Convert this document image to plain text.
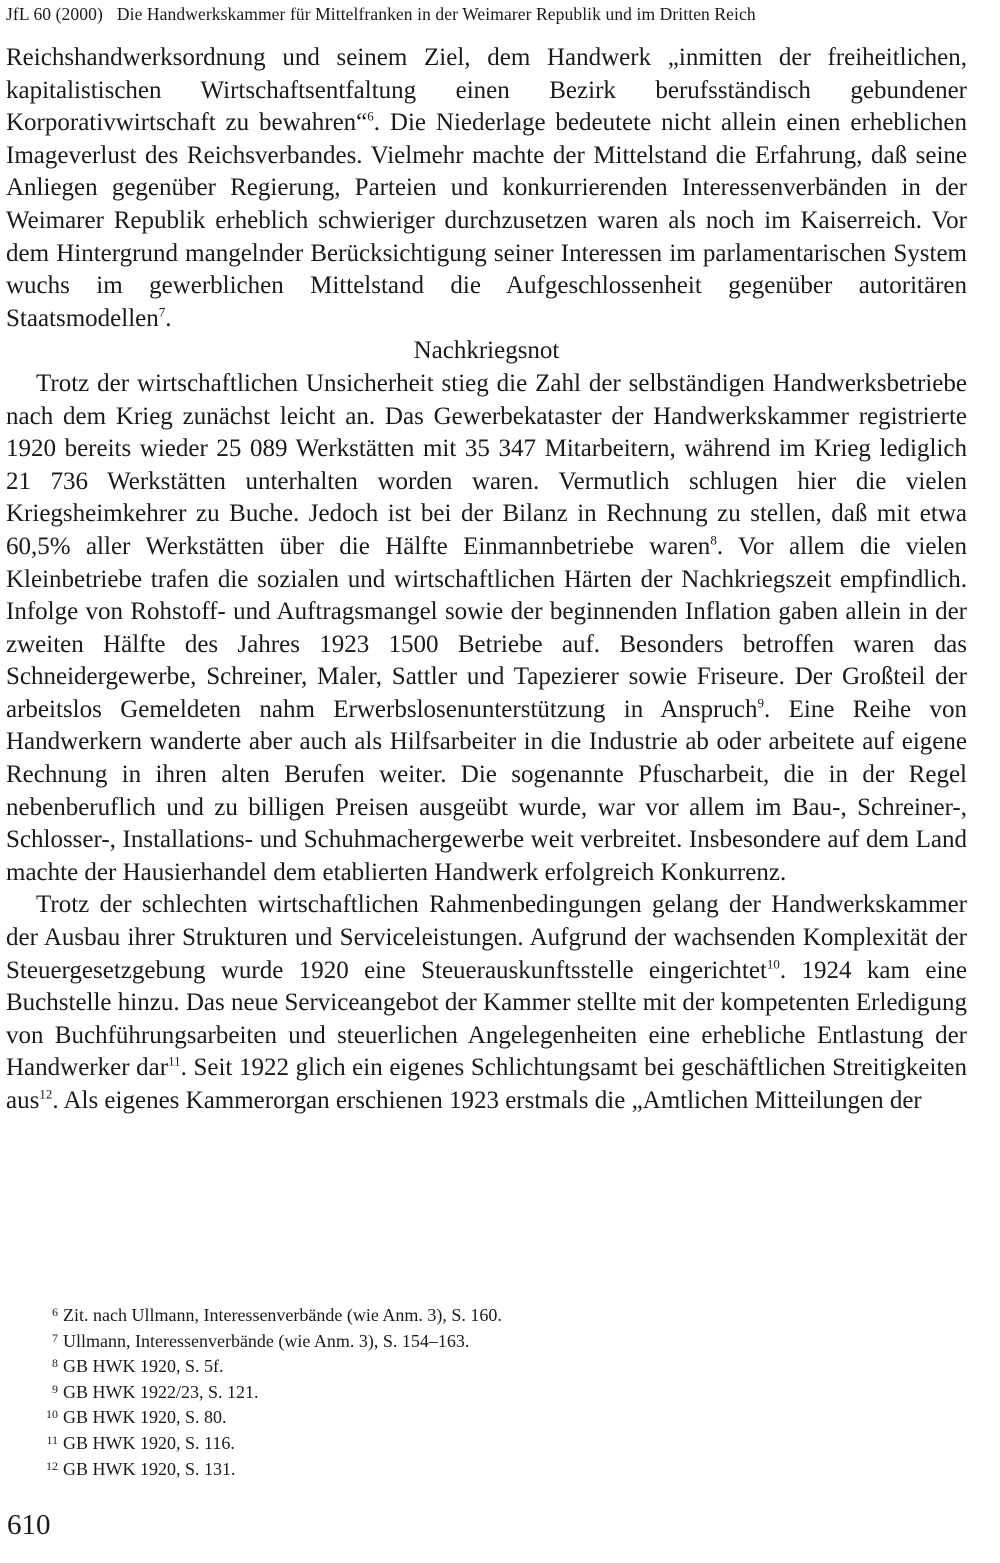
JfL 60 (2000) Die Handwerkskammer für Mittelfranken in der Weimarer Republik und im Dritten Reich

Reichshandwerksordnung und seinem Ziel, dem Handwerk „inmitten der freiheitlichen, kapitalistischen Wirtschaftsentfaltung einen Bezirk berufsständisch gebundener Korporativwirtschaft zu bewahren“$^6$. Die Niederlage bedeutete nicht allein einen erheblichen Imageverlust des Reichsverbandes. Vielmehr machte der Mittelstand die Erfahrung, daß seine Anliegen gegenüber Regierung, Parteien und konkurrierenden Interessenverbänden in der Weimarer Republik erheblich schwieriger durchzusetzen waren als noch im Kaiserreich. Vor dem Hintergrund mangelnder Berücksichtigung seiner Interessen im parlamentarischen System wuchs im gewerblichen Mittelstand die Aufgeschlossenheit gegenüber autoritären Staatsmodellen$^7$.

Nachkriegsnot

Trotz der wirtschaftlichen Unsicherheit stieg die Zahl der selbständigen Handwerksbetriebe nach dem Krieg zunächst leicht an. Das Gewerbekataster der Handwerkskammer registrierte 1920 bereits wieder 25 089 Werkstätten mit 35 347 Mitarbeitern, während im Krieg lediglich 21 736 Werkstätten unterhalten worden waren. Vermutlich schlugen hier die vielen Kriegsheimkehrer zu Buche. Jedoch ist bei der Bilanz in Rechnung zu stellen, daß mit etwa 60,5% aller Werkstätten über die Hälfte Einmannbetriebe waren$^8$. Vor allem die vielen Kleinbetriebe trafen die sozialen und wirtschaftlichen Härten der Nachkriegszeit empfindlich. Infolge von Rohstoff- und Auftragsmangel sowie der beginnenden Inflation gaben allein in der zweiten Hälfte des Jahres 1923 1500 Betriebe auf. Besonders betroffen waren das Schneidergewerbe, Schreiner, Maler, Sattler und Tapezierer sowie Friseure. Der Großteil der arbeitslos Gemeldeten nahm Erwerbslosenunterstützung in Anspruch$^9$. Eine Reihe von Handwerkern wanderte aber auch als Hilfsarbeiter in die Industrie ab oder arbeitete auf eigene Rechnung in ihren alten Berufen weiter. Die sogenannte Pfuscharbeit, die in der Regel nebenberuflich und zu billigen Preisen ausgeübt wurde, war vor allem im Bau-, Schreiner-, Schlosser-, Installations- und Schuhmachergewerbe weit verbreitet. Insbesondere auf dem Land machte der Hausierhandel dem etablierten Handwerk erfolgreich Konkurrenz.

Trotz der schlechten wirtschaftlichen Rahmenbedingungen gelang der Handwerkskammer der Ausbau ihrer Strukturen und Serviceleistungen. Aufgrund der wachsenden Komplexität der Steuergesetzgebung wurde 1920 eine Steuerauskunftsstelle eingerichtet$^{10}$. 1924 kam eine Buchstelle hinzu. Das neue Serviceangebot der Kammer stellte mit der kompetenten Erledigung von Buchführungsarbeiten und steuerlichen Angelegenheiten eine erhebliche Entlastung der Handwerker dar$^{11}$. Seit 1922 glich ein eigenes Schlichtungsamt bei geschäftlichen Streitigkeiten aus$^{12}$. Als eigenes Kammerorgan erschienen 1923 erstmals die „Amtlichen Mitteilungen der

6 Zit. nach Ullmann, Interessenverbände (wie Anm. 3), S. 160.
7 Ullmann, Interessenverbände (wie Anm. 3), S. 154–163.
8 GB HWK 1920, S. 5f.
9 GB HWK 1922/23, S. 121.
10 GB HWK 1920, S. 80.
11 GB HWK 1920, S. 116.
12 GB HWK 1920, S. 131.
610
